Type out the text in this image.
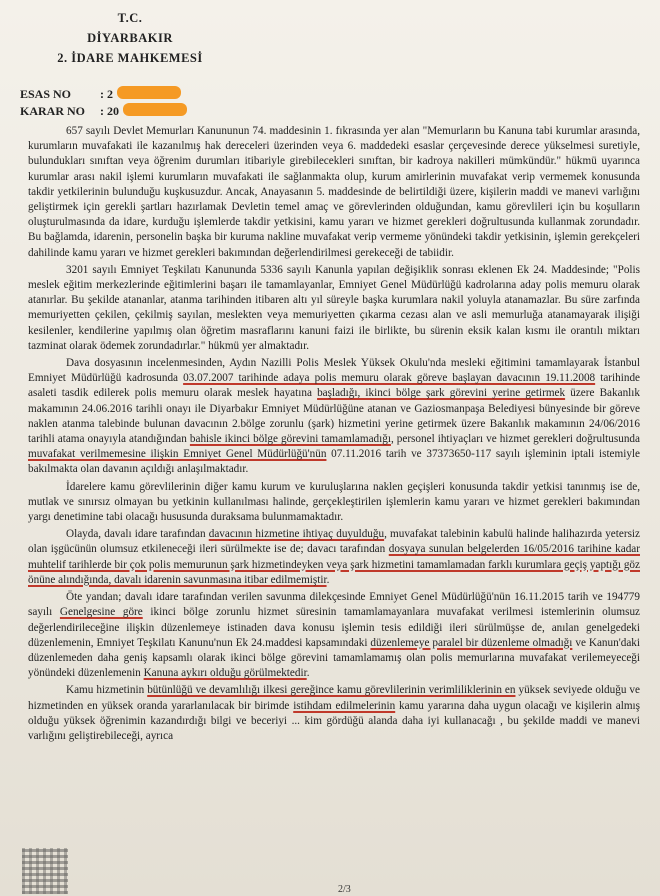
T.C.
DİYARBAKIR
2. İDARE MAHKEMESİ
ESAS NO	: 2
KARAR NO	: 20

657 sayılı Devlet Memurları Kanununun 74. maddesinin 1. fıkrasında yer alan "Memurların bu Kanuna tabi kurumlar arasında, kurumların muvafakati ile kazanılmış hak dereceleri üzerinden veya 6. maddedeki esaslar çerçevesinde derece yükselmesi suretiyle, bulundukları sınıftan veya öğrenim durumları itibariyle girebilecekleri sınıftan, bir kadroya nakilleri mümkündür." hükmü uyarınca kurumlar arası nakil işlemi kurumların muvafakati ile sağlanmakta olup, kurum amirlerinin muvafakat verip vermemek konusunda takdir yetkilerinin bulunduğu kuşkusuzdur. Ancak, Anayasanın 5. maddesinde de belirtildiği üzere, kişilerin maddi ve manevi varlığını geliştirmek için gerekli şartları hazırlamak Devletin temel amaç ve görevlerinden olduğundan, kamu görevlileri için bu koşulların oluşturulmasında da idare, kurduğu işlemlerde takdir yetkisini, kamu yararı ve hizmet gerekleri doğrultusunda kullanmak zorundadır. Bu bağlamda, idarenin, personelin başka bir kuruma nakline muvafakat verip vermeme yönündeki takdir yetkisinin, işlemin gerekçeleri dahilinde kamu yararı ve hizmet gerekleri bakımından değerlendirilmesi gerekeceği de tabiidir.

3201 sayılı Emniyet Teşkilatı Kanununda 5336 sayılı Kanunla yapılan değişiklik sonrası eklenen Ek 24. Maddesinde; "Polis meslek eğitim merkezlerinde eğitimlerini başarı ile tamamlayanlar, Emniyet Genel Müdürlüğü kadrolarına aday polis memuru olarak atanırlar. Bu şekilde atananlar, atanma tarihinden itibaren altı yıl süreyle başka kurumlara nakil yoluyla atanamazlar. Bu süre zarfında memuriyetten çekilen, çekilmiş sayılan, meslekten veya memuriyetten çıkarma cezası alan ve asli memurluğa atanamayarak ilişiği kesilenler, kendilerine yapılmış olan öğretim masraflarını kanuni faizi ile birlikte, bu sürenin eksik kalan kısmı ile orantılı miktarı tazminat olarak ödemek zorundadırlar." hükmü yer almaktadır.

Dava dosyasının incelenmesinden, Aydın Nazilli Polis Meslek Yüksek Okulu'nda mesleki eğitimini tamamlayarak İstanbul Emniyet Müdürlüğü kadrosunda 03.07.2007 tarihinde adaya polis memuru olarak göreve başlayan davacının 19.11.2008 tarihinde asaleti tasdik edilerek polis memuru olarak meslek hayatına başladığı, ikinci bölge şark görevini yerine getirmek üzere Bakanlık makamının 24.06.2016 tarihli onayı ile Diyarbakır Emniyet Müdürlüğüne atanan ve Gaziosmanpaşa Belediyesi bünyesinde bir göreve naklen atanma talebinde bulunan davacının 2.bölge zorunlu (şark) hizmetini yerine getirmek üzere Bakanlık makamının 24/06/2016 tarihli atama onayıyla atandığından bahisle ikinci bölge görevini tamamlamadığı, personel ihtiyaçları ve hizmet gerekleri doğrultusunda muvafakat verilmemesine ilişkin Emniyet Genel Müdürlüğü'nün 07.11.2016 tarih ve 37373650-117 sayılı işleminin iptali istemiyle bakılmakta olan davanın açıldığı anlaşılmaktadır.

İdarelere kamu görevlilerinin diğer kamu kurum ve kuruluşlarına naklen geçişleri konusunda takdir yetkisi tanınmış ise de, mutlak ve sınırsız olmayan bu yetkinin kullanılması halinde, gerçekleştirilen işlemlerin kamu yararı ve hizmet gerekleri bakımından yargı denetimine tabi olacağı hususunda duraksama bulunmamaktadır.

Olayda, davalı idare tarafından davacının hizmetine ihtiyaç duyulduğu, muvafakat talebinin kabulü halinde halihazırda yetersiz olan işgücünün olumsuz etkileneceği ileri sürülmekte ise de; davacı tarafından dosyaya sunulan belgelerden 16/05/2016 tarihine kadar muhtelif tarihlerde bir çok polis memurunun şark hizmetindeyken veya şark hizmetini tamamlamadan farklı kurumlara geçiş yaptığı göz önüne alındığında, davalı idarenin savunmasına itibar edilmemiştir.

Öte yandan; davalı idare tarafından verilen savunma dilekçesinde Emniyet Genel Müdürlüğü'nün 16.11.2015 tarih ve 194779 sayılı Genelgesine göre ikinci bölge zorunlu hizmet süresinin tamamlamayanlara muvafakat verilmesi istemlerinin olumsuz değerlendirileceğine ilişkin düzenlemeye istinaden dava konusu işlemin tesis edildiği ileri sürülmüşse de, anılan genelgedeki düzenlemenin, Emniyet Teşkilatı Kanunu'nun Ek 24.maddesi kapsamındaki düzenlemeye paralel bir düzenleme olmadığı ve Kanun'daki düzenlemeden daha geniş kapsamlı olarak ikinci bölge görevini tamamlamamış olan polis memurlarına muvafakat verilemeyeceği yönündeki düzenlemenin Kanuna aykırı olduğu görülmektedir.

Kamu hizmetinin bütünlüğü ve devamlılığı ilkesi gereğince kamu görevlilerinin verimliliklerinin en yüksek seviyede olduğu ve hizmetinden en yüksek oranda yararlanılacak bir birimde istihdam edilmelerinin kamu yararına daha uygun olacağı ve kişilerin almış olduğu yüksek öğrenimin kazandırdığı bilgi ve beceriyi ... kim gördüğü alanda daha iyi kullanacağı , bu şekilde maddi ve manevi varlığını geliştirebileceği, ayrıca

2/3
